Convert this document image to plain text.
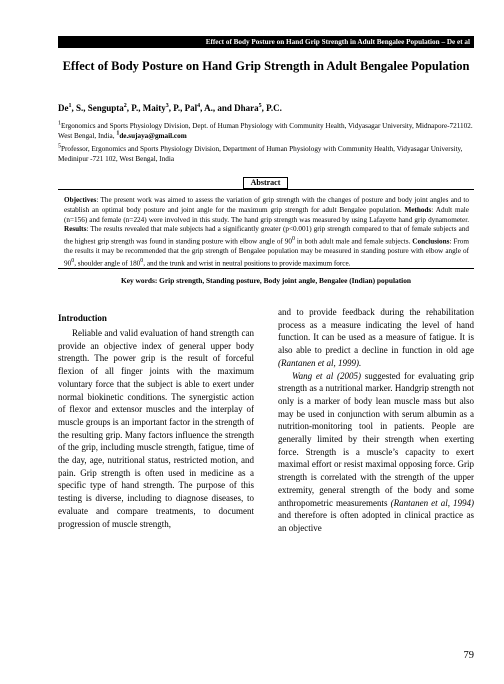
Effect of Body Posture on Hand Grip Strength in Adult Bengalee Population – De et al
Effect of Body Posture on Hand Grip Strength in Adult Bengalee Population
De$^1$, S., Sengupta$^2$, P., Maity$^3$, P., Pal$^4$, A., and Dhara$^5$, P.C.
$^1$Ergonomics and Sports Physiology Division, Dept. of Human Physiology with Community Health, Vidyasagar University, Midnapore-721102. West Bengal, India, $^1$de.sujaya@gmail.com
$^5$Professor, Ergonomics and Sports Physiology Division, Department of Human Physiology with Community Health, Vidyasagar University, Medinipur -721 102, West Bengal, India
Abstract
Objectives: The present work was aimed to assess the variation of grip strength with the changes of posture and body joint angles and to establish an optimal body posture and joint angle for the maximum grip strength for adult Bengalee population. Methods: Adult male (n=156) and female (n=224) were involved in this study. The hand grip strength was measured by using Lafayette hand grip dynamometer. Results: The results revealed that male subjects had a significantly greater (p<0.001) grip strength compared to that of female subjects and the highest grip strength was found in standing posture with elbow angle of $90^0$ in both adult male and female subjects. Conclusions: From the results it may be recommended that the grip strength of Bengalee population may be measured in standing posture with elbow angle of $90^0$, shoulder angle of $180^0$, and the trunk and wrist in neutral positions to provide maximum force.
Key words: Grip strength, Standing posture, Body joint angle, Bengalee (Indian) population

Introduction

Reliable and valid evaluation of hand strength can provide an objective index of general upper body strength. The power grip is the result of forceful flexion of all finger joints with the maximum voluntary force that the subject is able to exert under normal biokinetic conditions. The synergistic action of flexor and extensor muscles and the interplay of muscle groups is an important factor in the strength of the resulting grip. Many factors influence the strength of the grip, including muscle strength, fatigue, time of the day, age, nutritional status, restricted motion, and pain. Grip strength is often used in medicine as a specific type of hand strength. The purpose of this testing is diverse, including to diagnose diseases, to evaluate and compare treatments, to document progression of muscle strength,

and to provide feedback during the rehabilitation process as a measure indicating the level of hand function. It can be used as a measure of fatigue. It is also able to predict a decline in function in old age (Rantanen et al, 1999).

Wang et al (2005) suggested for evaluating grip strength as a nutritional marker. Handgrip strength not only is a marker of body lean muscle mass but also may be used in conjunction with serum albumin as a nutrition-monitoring tool in patients. People are generally limited by their strength when exerting force. Strength is a muscle’s capacity to exert maximal effort or resist maximal opposing force. Grip strength is correlated with the strength of the upper extremity, general strength of the body and some anthropometric measurements (Rantanen et al, 1994) and therefore is often adopted in clinical practice as an objective

79
